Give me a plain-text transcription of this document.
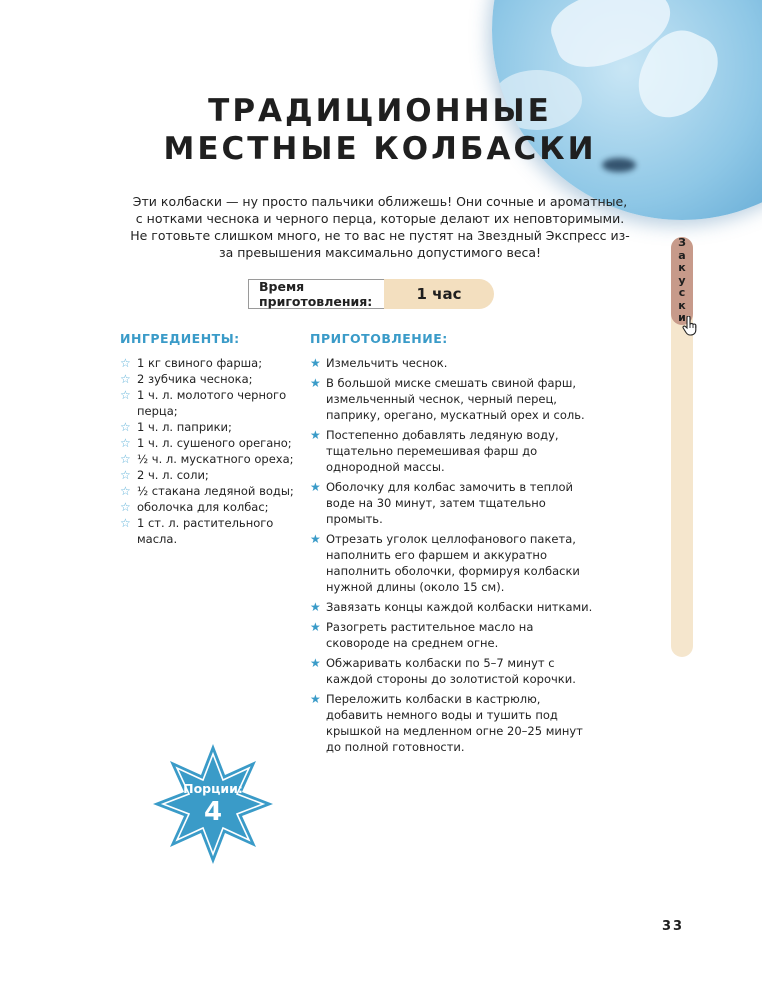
ТРАДИЦИОННЫЕ
МЕСТНЫЕ КОЛБАСКИ

Эти колбаски — ну просто пальчики оближешь! Они сочные и ароматные, с нотками чеснока и черного перца, которые делают их неповторимыми. Не готовьте слишком много, не то вас не пустят на Звездный Экспресс из-за превышения максимально допустимого веса!

Время приготовления:	1 час
З
а
к
у
с
к
и
ИНГРЕДИЕНТЫ:
☆ 1 кг свиного фарша;
☆ 2 зубчика чеснока;
☆ 1 ч. л. молотого черного перца;
☆ 1 ч. л. паприки;
☆ 1 ч. л. сушеного орегано;
☆ ½ ч. л. мускатного ореха;
☆ 2 ч. л. соли;
☆ ½ стакана ледяной воды;
☆ оболочка для колбас;
☆ 1 ст. л. растительного масла.
ПРИГОТОВЛЕНИЕ:
★ Измельчить чеснок.
★ В большой миске смешать свиной фарш, измельченный чеснок, черный перец, паприку, орегано, мускатный орех и соль.
★ Постепенно добавлять ледяную воду, тщательно перемешивая фарш до однородной массы.
★ Оболочку для колбас замочить в теплой воде на 30 минут, затем тщательно промыть.
★ Отрезать уголок целлофанового пакета, наполнить его фаршем и аккуратно наполнить оболочки, формируя колбаски нужной длины (около 15 см).
★ Завязать концы каждой колбаски нитками.
★ Разогреть растительное масло на сковороде на среднем огне.
★ Обжаривать колбаски по 5–7 минут с каждой стороны до золотистой корочки.
★ Переложить колбаски в кастрюлю, добавить немного воды и тушить под крышкой на медленном огне 20–25 минут до полной готовности.
Порции:
4
33
